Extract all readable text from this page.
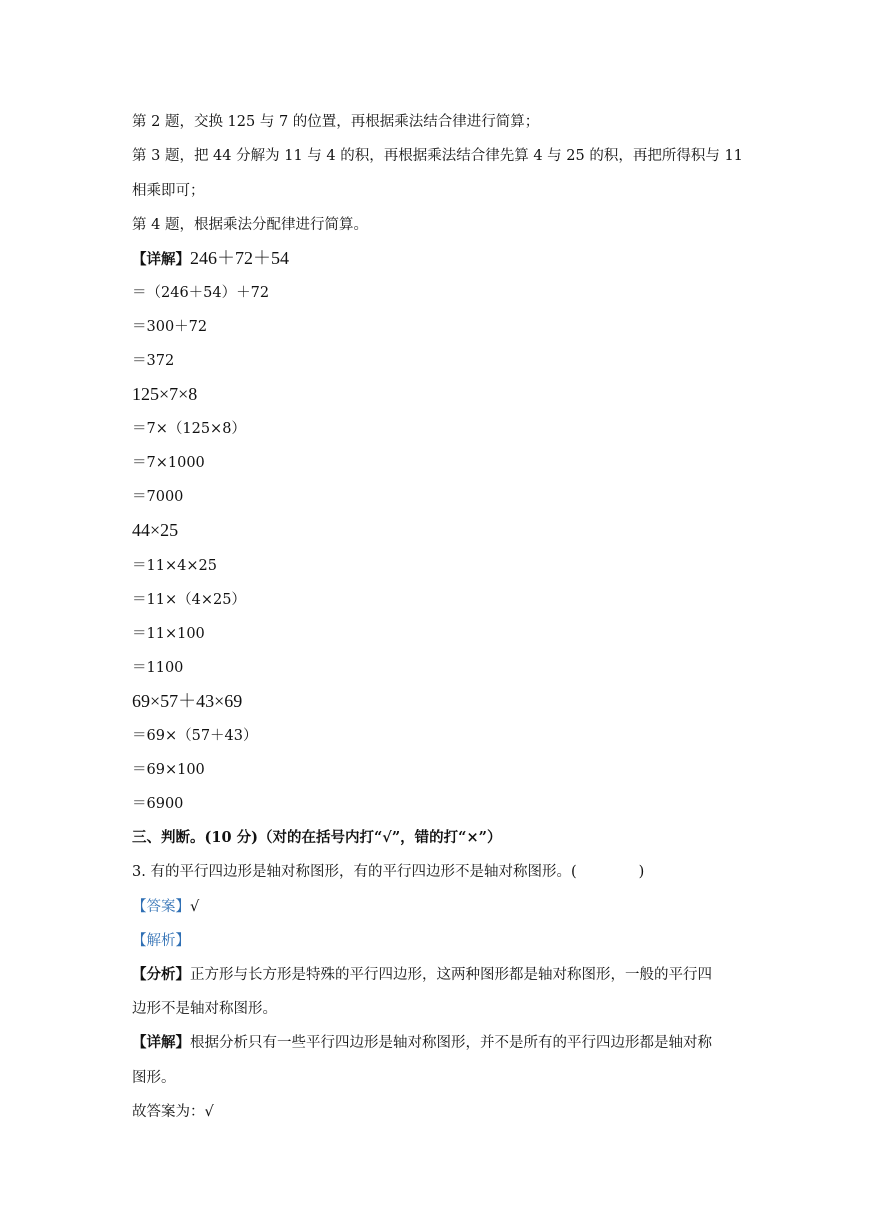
第 2 题，交换 125 与 7 的位置，再根据乘法结合律进行简算；
第 3 题，把 44 分解为 11 与 4 的积，再根据乘法结合律先算 4 与 25 的积，再把所得积与 11
相乘即可；
第 4 题，根据乘法分配律进行简算。
【详解】246＋72＋54
＝（246＋54）＋72
＝300＋72
＝372
125×7×8
＝7×（125×8）
＝7×1000
＝7000
44×25
＝11×4×25
＝11×（4×25）
＝11×100
＝1100
69×57＋43×69
＝69×（57＋43）
＝69×100
＝6900
三、判断。(10 分)（对的在括号内打“√”，错的打“×”）
3. 有的平行四边形是轴对称图形，有的平行四边形不是轴对称图形。(	)
【答案】√
【解析】
【分析】正方形与长方形是特殊的平行四边形，这两种图形都是轴对称图形，一般的平行四
边形不是轴对称图形。
【详解】根据分析只有一些平行四边形是轴对称图形，并不是所有的平行四边形都是轴对称
图形。
故答案为：√
